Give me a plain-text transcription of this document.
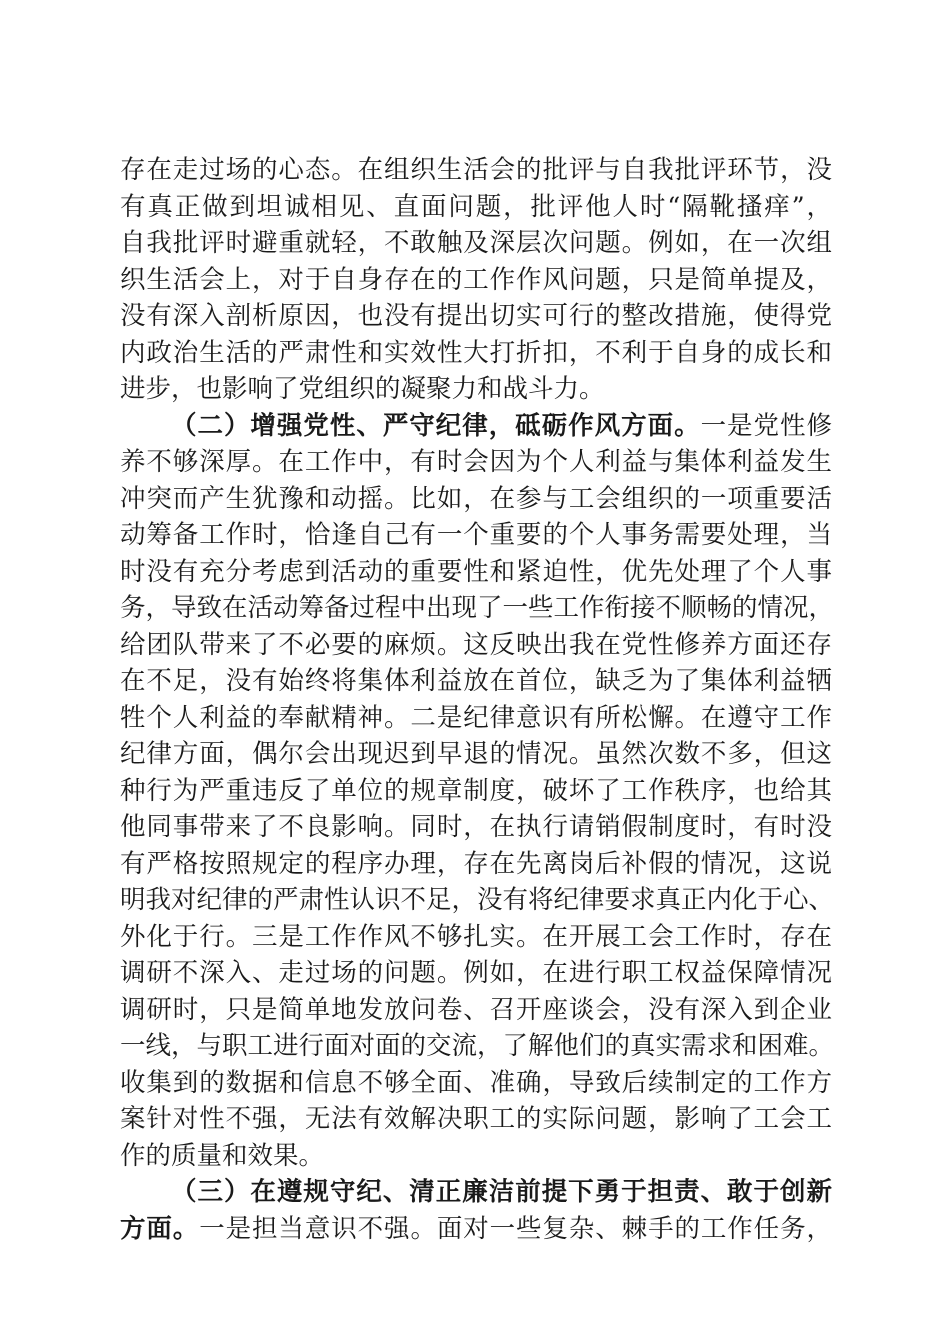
存在走过场的心态。在组织生活会的批评与自我批评环节，没
有真正做到坦诚相见、直面问题，批评他人时“隔靴搔痒”，
自我批评时避重就轻，不敢触及深层次问题。例如，在一次组
织生活会上，对于自身存在的工作作风问题，只是简单提及，
没有深入剖析原因，也没有提出切实可行的整改措施，使得党
内政治生活的严肃性和实效性大打折扣，不利于自身的成长和
进步，也影响了党组织的凝聚力和战斗力。
（二）增强党性、严守纪律，砥砺作风方面。一是党性修
养不够深厚。在工作中，有时会因为个人利益与集体利益发生
冲突而产生犹豫和动摇。比如，在参与工会组织的一项重要活
动筹备工作时，恰逢自己有一个重要的个人事务需要处理，当
时没有充分考虑到活动的重要性和紧迫性，优先处理了个人事
务，导致在活动筹备过程中出现了一些工作衔接不顺畅的情况，
给团队带来了不必要的麻烦。这反映出我在党性修养方面还存
在不足，没有始终将集体利益放在首位，缺乏为了集体利益牺
牲个人利益的奉献精神。二是纪律意识有所松懈。在遵守工作
纪律方面，偶尔会出现迟到早退的情况。虽然次数不多，但这
种行为严重违反了单位的规章制度，破坏了工作秩序，也给其
他同事带来了不良影响。同时，在执行请销假制度时，有时没
有严格按照规定的程序办理，存在先离岗后补假的情况，这说
明我对纪律的严肃性认识不足，没有将纪律要求真正内化于心、
外化于行。三是工作作风不够扎实。在开展工会工作时，存在
调研不深入、走过场的问题。例如，在进行职工权益保障情况
调研时，只是简单地发放问卷、召开座谈会，没有深入到企业
一线，与职工进行面对面的交流，了解他们的真实需求和困难。
收集到的数据和信息不够全面、准确，导致后续制定的工作方
案针对性不强，无法有效解决职工的实际问题，影响了工会工
作的质量和效果。
（三）在遵规守纪、清正廉洁前提下勇于担责、敢于创新
方面。一是担当意识不强。面对一些复杂、棘手的工作任务，
